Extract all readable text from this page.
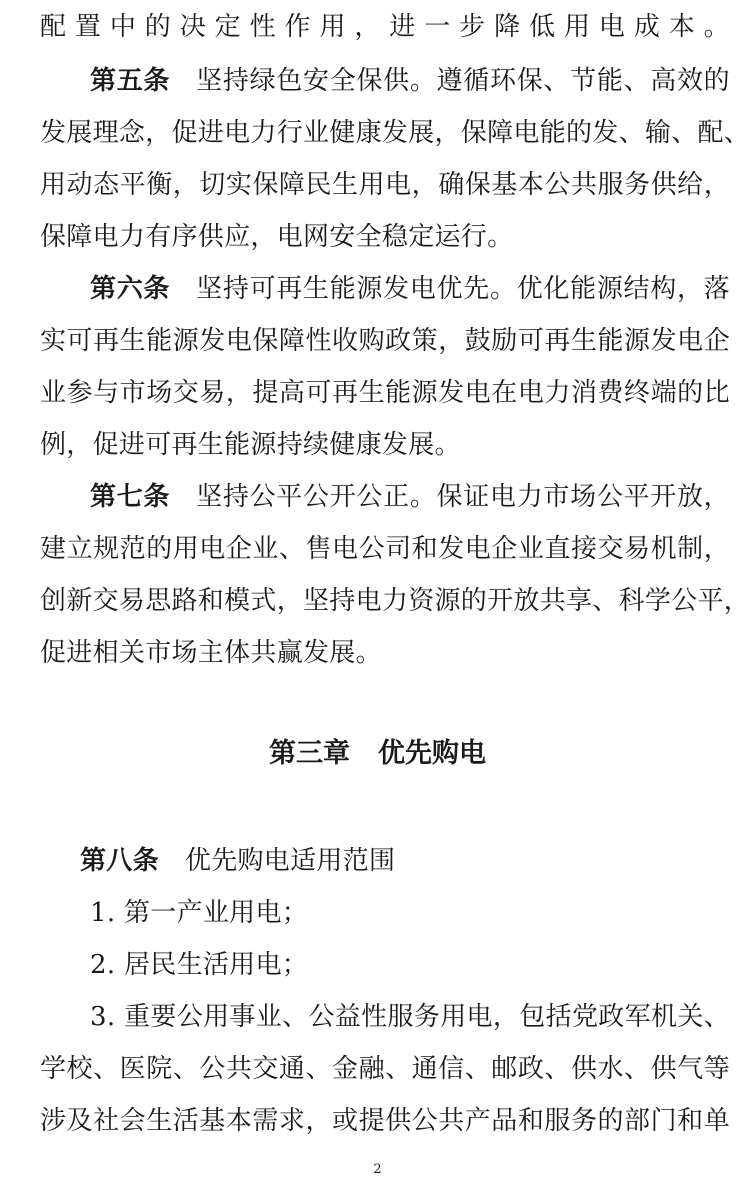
配置中的决定性作用，进一步降低用电成本。
第五条 坚持绿色安全保供。遵循环保、节能、高效的
发展理念，促进电力行业健康发展，保障电能的发、输、配、
用动态平衡，切实保障民生用电，确保基本公共服务供给，
保障电力有序供应，电网安全稳定运行。
第六条 坚持可再生能源发电优先。优化能源结构，落
实可再生能源发电保障性收购政策，鼓励可再生能源发电企
业参与市场交易，提高可再生能源发电在电力消费终端的比
例，促进可再生能源持续健康发展。
第七条 坚持公平公开公正。保证电力市场公平开放，
建立规范的用电企业、售电公司和发电企业直接交易机制，
创新交易思路和模式，坚持电力资源的开放共享、科学公平，
促进相关市场主体共赢发展。
第三章 优先购电
第八条 优先购电适用范围
1. 第一产业用电；
2. 居民生活用电；
3. 重要公用事业、公益性服务用电，包括党政军机关、
学校、医院、公共交通、金融、通信、邮政、供水、供气等
涉及社会生活基本需求，或提供公共产品和服务的部门和单
2
